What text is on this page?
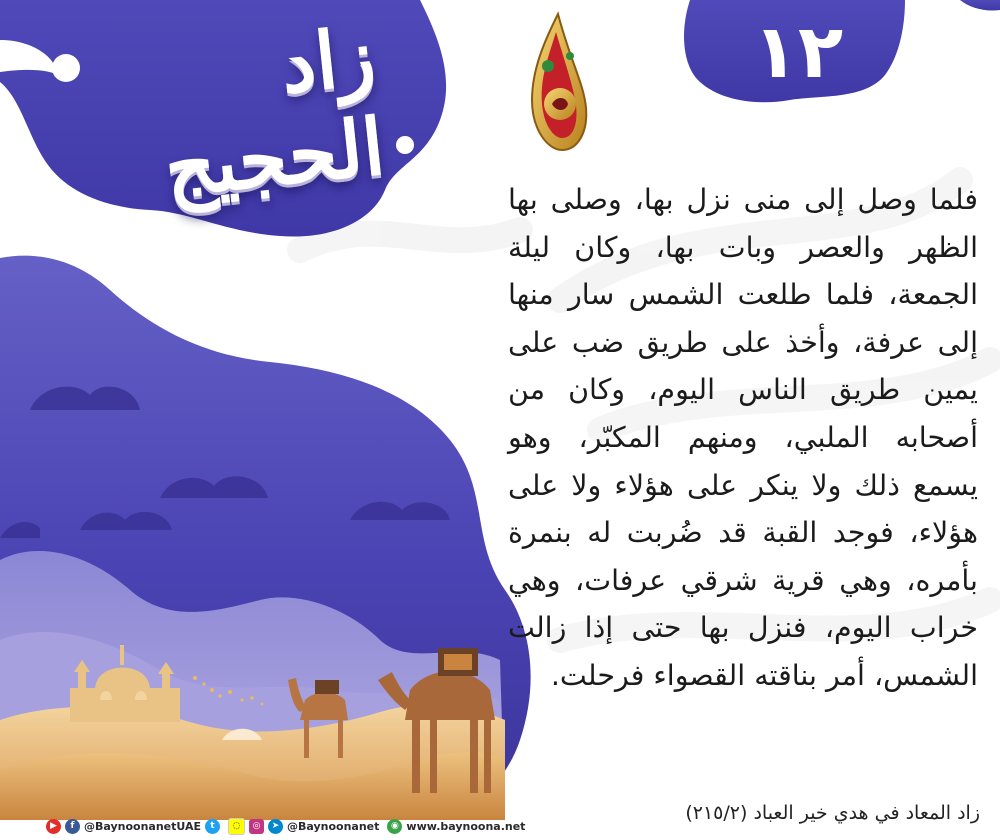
زاد الحجيج
١٢

فلما وصل إلى منى نزل بها، وصلى بها الظهر والعصر وبات بها، وكان ليلة الجمعة، فلما طلعت الشمس سار منها إلى عرفة، وأخذ على طريق ضب على يمين طريق الناس اليوم، وكان من أصحابه الملبي، ومنهم المكبّر، وهو يسمع ذلك ولا ينكر على هؤلاء ولا على هؤلاء، فوجد القبة قد ضُربت له بنمرة بأمره، وهي قرية شرقي عرفات، وهي خراب اليوم، فنزل بها حتى إذا زالت الشمس، أمر بناقته القصواء فرحلت.

زاد المعاد في هدي خير العباد (٢١٥/٢)
▶	f @BaynoonanetUAE	t	◌	◎	➤ @Baynoonanet	◉ www.baynoona.net
